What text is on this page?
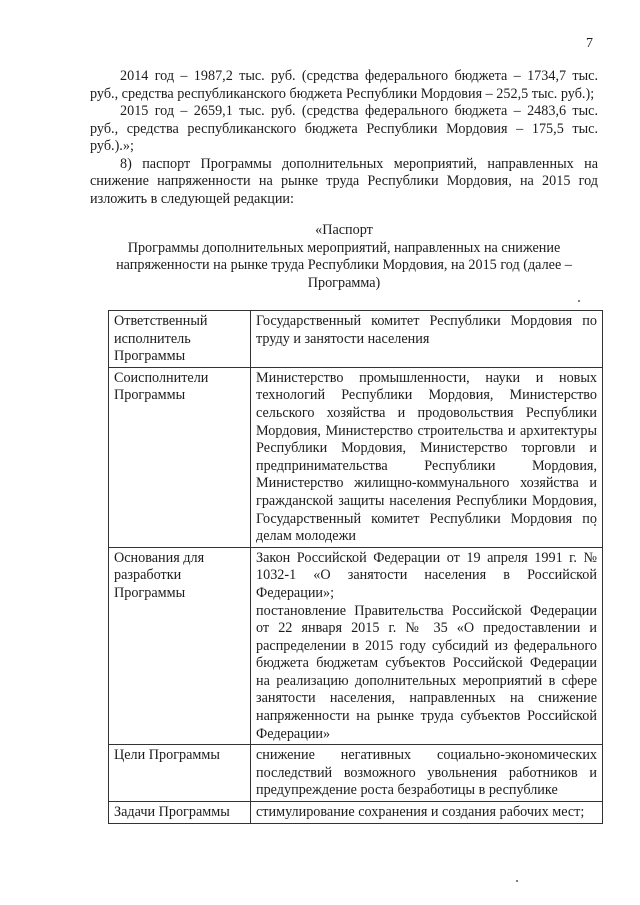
7

2014 год – 1987,2 тыс. руб. (средства федерального бюджета – 1734,7 тыс. руб., средства республиканского бюджета Республики Мордовия – 252,5 тыс. руб.);

2015 год – 2659,1 тыс. руб. (средства федерального бюджета – 2483,6 тыс. руб., средства республиканского бюджета Республики Мордовия – 175,5 тыс. руб.).»;

8) паспорт Программы дополнительных мероприятий, направленных на снижение напряженности на рынке труда Республики Мордовия, на 2015 год изложить в следующей редакции:

«Паспорт
Программы дополнительных мероприятий, направленных на снижение напряженности на рынке труда Республики Мордовия, на 2015 год (далее – Программа)
Ответственный исполнитель Программы	Государственный комитет Республики Мордовия по труду и занятости населения
Соисполнители Программы	Министерство промышленности, науки и новых технологий Республики Мордовия, Министерство сельского хозяйства и продовольствия Республики Мордовия, Министерство строительства и архитектуры Республики Мордовия, Министерство торговли и предпринимательства Республики Мордовия, Министерство жилищно-коммунального хозяйства и гражданской защиты населения Республики Мордовия, Государственный комитет Республики Мордовия по делам молодежи
Основания для разработки Программы	Закон Российской Федерации от 19 апреля 1991 г. № 1032-1 «О занятости населения в Российской Федерации»;
постановление Правительства Российской Федерации от 22 января 2015 г. № 35 «О предоставлении и распределении в 2015 году субсидий из федерального бюджета бюджетам субъектов Российской Федерации на реализацию дополнительных мероприятий в сфере занятости населения, направленных на снижение напряженности на рынке труда субъектов Российской Федерации»

Цели Программы	снижение негативных социально-экономических последствий возможного увольнения работников и предупреждение роста безработицы в республике
Задачи Программы	стимулирование сохранения и создания рабочих мест;
